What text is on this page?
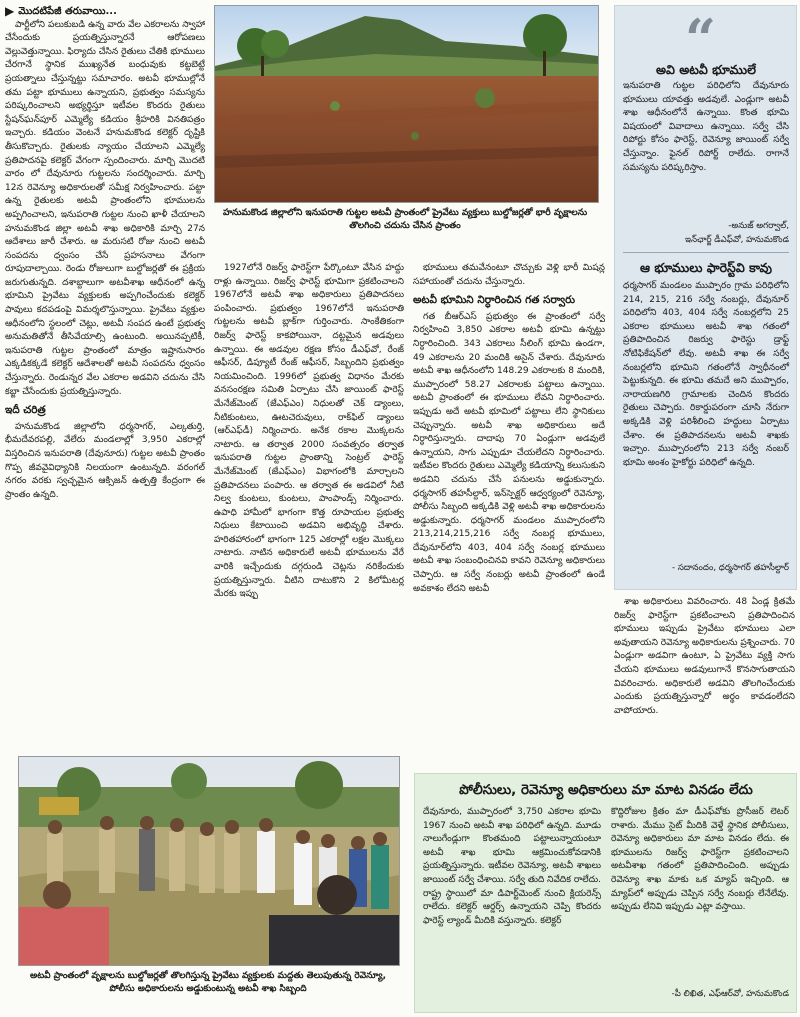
▶ మొదటిపేజీ తరువాయి...

పార్టీలోని పలుకుబడి ఉన్న వారు వేల ఎకరాలను స్వాహా చేసేందుకు ప్రయత్నిస్తున్నారనే ఆరోపణలు వెల్లువెత్తున్నాయి. ఫిర్యాదు చేసిన రైతులు చేతికి భూములు చేరగానే స్థానిక ముఖ్యనేత బంధువుకు కట్టబెట్టే ప్రయత్నాలు చేస్తున్నట్టు సమాచారం. అటవీ భూముల్లోనే తమ పట్టా భూములు ఉన్నాయని, ప్రభుత్వం సమస్యను పరిష్కరించాలని అభ్యర్థిస్తూ ఇటీవల కొందరు రైతులు స్టేషన్‌ఘన్‌పూర్ ఎమ్మెల్యే కడియం శ్రీహరికి వినతిపత్రం ఇచ్చారు. కడియం వెంటనే హనుమకొండ కలెక్టర్ దృష్టికి తీసుకొచ్చారు. రైతులకు న్యాయం చేయాలని ఎమ్మెల్యే ప్రతిపాదనపై కలెక్టర్ వేగంగా స్పందించారు. మార్చి మొదటి వారం లో దేవునూరు గుట్టలను సందర్శించారు. మార్చి 12న రెవెన్యూ అధికారులతో సమీక్ష నిర్వహించారు. పట్టా ఉన్న రైతులకు అటవీ ప్రాంతంలోని భూములను అప్పగించాలని, ఇనుపరాతి గుట్టల నుంచి ఖాళీ చేయాలని హనుమకొండ జిల్లా అటవీ శాఖ అధికారికి మార్చి 27న ఆదేశాలు జారీ చేశారు. ఆ మరుసటి రోజు నుంచి అటవీ సంపదను ధ్వంసం చేసే ప్రహసనాలు వేగంగా రూపుదాల్చాయి. రెండు రోజులుగా బుల్డోజర్లతో ఈ ప్రక్రియ జరుగుతున్నది. దశాబ్దాలుగా అటవీశాఖ ఆధీనంలో ఉన్న భూమిని ప్రైవేటు వ్యక్తులకు అప్పగించేందుకు కలెక్టర్ పావులు కదపడంపై విమర్శలొస్తున్నాయి. ప్రైవేటు వ్యక్తుల ఆధీనంలోని స్థలంలో చెట్లు, అటవీ సంపద ఉంటే ప్రభుత్వ అనుమతితోనే తీసివేయాల్సి ఉంటుంది. అయినప్పటికీ, ఇనుపరాతి గుట్టల ప్రాంతంలో మాత్రం ఇష్టానుసారం ఎక్కడికక్కడే కలెక్టర్ ఆదేశాలతో అటవీ సంపదను ధ్వంసం చేస్తున్నారు. రెండున్నర వేల ఎకరాల అడవిని చదును చేసి కబ్జా చేసేందుకు ప్రయత్నిస్తున్నారు.

ఇదీ చరిత్ర

హనుమకొండ జిల్లాలోని ధర్మసాగర్, ఎల్కతుర్తి, భీమదేవరపల్లి, వేలేరు మండలాల్లో 3,950 ఎకరాల్లో విస్తరించిన ఇనుపరాతి (దేవునూరు) గుట్టల అటవీ ప్రాంతం గొప్ప జీవవైవిధ్యానికి నిలయంగా ఉంటున్నది. వరంగల్ నగరం వరకు స్వచ్ఛమైన ఆక్సిజన్ ఉత్పత్తి కేంద్రంగా ఈ ప్రాంతం ఉన్నది.

హనుమకొండ జిల్లాలోని ఇనుపరాతి గుట్టల అటవీ ప్రాంతంలో ప్రైవేటు వ్యక్తులు బుల్డోజర్లతో భారీ వృక్షాలను తొలగించి చదును చేసిన ప్రాంతం

1927లోనే రిజర్వ్ ఫారెస్ట్‌గా పేర్కొంటూ వేసిన హద్దు రాళ్లు ఉన్నాయి. రిజర్వ్ ఫారెస్ట్ భూమిగా ప్రకటించాలని 1967లోనే అటవీ శాఖ అధికారులు ప్రతిపాదనలు పంపించారు. ప్రభుత్వం 1967లోనే ఇనుపరాతి గుట్టలను అటవీ బ్లాక్‌గా గుర్తించారు. సాంకేతికంగా రిజర్వ్ ఫారెస్ట్ కాకపోయినా, దట్టమైన అడవులు ఉన్నాయి. ఈ అడవుల రక్షణ కోసం డీఎఫ్‌వో, రేంజ్ ఆఫీసర్, డిప్యూటీ రేంజ్ ఆఫీసర్, సిబ్బందిని ప్రభుత్వం నియమించింది. 1996లో ప్రభుత్వ విధానం మేరకు వనసంరక్షణ సమితి ఏర్పాటు చేసి జాయింట్ ఫారెస్ట్ మేనేజ్‌మెంట్ (జేఎఫ్ఎం) నిధులతో చెక్ డ్యాంలు, నీటికుంటలు, ఊటచెరువులు, రాక్‌ఫిల్ డ్యాంలు (ఆర్ఎఫ్‌డీ) నిర్మించారు. అనేక రకాల మొక్కలను నాటారు. ఆ తర్వాత 2000 సంవత్సరం తర్వాత ఇనుపరాతి గుట్టల ప్రాంతాన్ని సెంట్రల్ ఫారెస్ట్ మేనేజ్‌మెంట్ (జేఎఫ్ఎం) విభాగంలోకి మార్చాలని ప్రతిపాదనలు పంపారు. ఆ తర్వాత ఈ అడవిలో నీటి నిల్వ కుంటలు, కుంటలు, పాంపాండ్స్ నిర్మించారు. ఉపాధి హామీలో భాగంగా కొత్త రూపాయల ప్రభుత్వ నిధులు కేటాయించి అడవిని అభివృద్ధి చేశారు. హరితహారంలో భాగంగా 125 ఎకరాల్లో లక్షల మొక్కలు నాటారు. నాటిన అధికారులే అటవీ భూములను వేరే వారికి ఇచ్చేందుకు దగ్గరుండి చెట్లను నరికేందుకు ప్రయత్నిస్తున్నారు. వీటిని దాటుకొని 2 కిలోమీటర్ల మేరకు ఇప్పు

భూములు తమవేనంటూ చొచ్చుకు వెళ్లి భారీ మిషన్ల సహాయంతో చదును చేస్తున్నారు.

అటవీ భూమిని నిర్ధారించిన గత సర్వారు

గత బీఆర్ఎస్ ప్రభుత్వం ఈ ప్రాంతంలో సర్వే నిర్వహించి 3,850 ఎకరాల అటవీ భూమి ఉన్నట్టు నిర్ధారించింది. 343 ఎకరాలు సీలింగ్ భూమి ఉండగా, 49 ఎకరాలను 20 మందికి అసైన్ చేశారు. దేవునూరు అటవీ శాఖ ఆధీనంలోని 148.29 ఎకరాలకు 8 మందికి, ముప్పారంలో 58.27 ఎకరాలకు పట్టాలు ఉన్నాయి. అటవీ ప్రాంతంలో ఈ భూములు లేవని నిర్ధారించారు. ఇప్పుడు అదే అటవీ భూమిలో పట్టాలు లేని స్థానికులు చెప్పున్నారు. అటవీ శాఖ అధికారులు అదే నిర్ధారిస్తున్నారు. దాదాపు 70 ఏండ్లుగా అడవులే ఉన్నాయని, సాగు ఎప్పుడూ చేయలేదని నిర్ధారించారు. ఇటీవల కొందరు రైతులు ఎమ్మెల్యే కడియాన్ని కలుసుకుని అడవిని చదును చేసే పనులను అడ్డుకున్నారు. ధర్మసాగర్ తహసీల్దార్, ఇన్‌స్పెక్టర్ ఆధ్వర్యంలో రెవెన్యూ, పోలీసు సిబ్బంది అక్కడికి వెళ్లి అటవీ శాఖ అధికారులను అడ్డుకున్నారు. ధర్మసాగర్ మండలం ముప్పారంలోని 213,214,215,216 సర్వే నంబర్ల భూములు, దేవునూర్‌లోని 403, 404 సర్వే నంబర్ల భూములు అటవీ శాఖ సంబంధించినవి కావని రెవెన్యూ అధికారులు చెప్పారు. ఆ సర్వే నంబర్లు అటవీ ప్రాంతంలో ఉండే అవకాశం లేదని అటవీ

“
అవి అటవీ భూములే
ఇనుపరాతి గుట్టల పరిధిలోని దేవునూరు భూములు యావత్తు అడవులే. ఎండ్లుగా అటవీ శాఖ ఆధీనంలోనే ఉన్నాయి. కొంత భూమి విషయంలో వివాదాలు ఉన్నాయి. సర్వే చేసి రిపోర్టు కోసం ఫారెస్ట్, రెవెన్యూ జాయింట్ సర్వే చేస్తున్నాం. ఫైనల్ రిపోర్ట్ రాలేదు. రాగానే సమస్యను పరిష్కరిస్తాం.
-అనుజ్ అగర్వాల్,
ఇన్‌ఛార్జ్ డీఎఫ్‌వో, హనుమకొండ
ఆ భూములు ఫారెస్ట్‌వి కావు
ధర్మసాగర్ మండలం ముప్పారం గ్రామ పరిధిలోని 214, 215, 216 సర్వే నంబర్లు, దేవునూర్ పరిధిలోని 403, 404 సర్వే నంబర్లలోని 25 ఎకరాల భూములు అటవీ శాఖ గతంలో ప్రతిపాదించిన రిజర్వు ఫారెస్టు డ్రాఫ్ట్ నోటిఫికేషన్‌లో లేవు. అటవీ శాఖ ఈ సర్వే నంబర్లలోని భూమిని గతంలోనే స్వాధీనంలో పెట్టుకున్నది. ఈ భూమి తమదే అని ముప్పారం, నారాయణగిరి గ్రామాలకు చెందిన కొందరు రైతులు చెప్పారు. రికార్డుపరంగా చూసి నేరుగా అక్కడికి వెళ్లి పరిశీలించి హద్దులు ఏర్పాటు చేశాం. ఈ ప్రతిపాదనలను అటవీ శాఖకు ఇచ్చాం. ముప్పారంలోని 213 సర్వే నంబర్ భూమి అంశం హైకోర్టు పరిధిలో ఉన్నది.
- సదానందం, ధర్మసాగర్ తహసీల్దార్

శాఖ అధికారులు వివరించారు. 48 ఏండ్ల క్రితమే రిజర్వ్ ఫారెస్ట్‌గా ప్రకటించాలని ప్రతిపాదించిన భూములు ఇప్పుడు ప్రైవేటు భూములు ఎలా అవుతాయని రెవెన్యూ అధికారులను ప్రశ్నించారు. 70 ఏండ్లుగా అడవిగా ఉంటూ, ఏ ప్రైవేటు వ్యక్తి సాగు చేయని భూములు అడవులుగానే కొనసాగుతాయని వివరించారు. అధికారులే అడవిని తొలగించేందుకు ఎందుకు ప్రయత్నిస్తున్నారో అర్థం కావడంలేదని వాపోయారు.

అటవీ ప్రాంతంలో వృక్షాలను బుల్డోజర్లతో తొలగిస్తున్న ప్రైవేటు వ్యక్తులకు మద్దతు తెలుపుతున్న రెవెన్యూ, పోలీసు అధికారులను అడ్డుకుంటున్న అటవీ శాఖ సిబ్బంది
పోలీసులు, రెవెన్యూ అధికారులు మా మాట వినడం లేదు
దేవునూరు, ముప్పారంలో 3,750 ఎకరాల భూమి 1967 నుంచి అటవీ శాఖ పరిధిలో ఉన్నది. మూడు నాలుగేండ్లుగా కొంతమంది పట్టాలున్నాయంటూ అటవీ శాఖ భూమి ఆక్రమించుకోవడానికి ప్రయత్నిస్తున్నారు. ఇటీవల రెవెన్యూ, అటవీ శాఖలు జాయింట్ సర్వే చేశాయి. సర్వే తుది నివేదిక రాలేదు. రాష్ట్ర స్థాయిలో మా డిపార్ట్‌మెంట్ నుంచి క్లియరెన్స్ రాలేదు. కలెక్టర్ ఆర్డర్స్ ఉన్నాయని చెప్పి కొందరు ఫారెస్ట్ ల్యాండ్ మీదికి వస్తున్నారు. కలెక్టర్
కొద్దిరోజుల క్రితం మా డీఎఫ్‌వోకు ప్రొసీజర్ లెటర్ రాశారు. మేము సైట్ మీదికి వెళ్తే స్థానిక పోలీసులు, రెవెన్యూ అధికారులు మా మాట వినడం లేదు. ఈ భూములను రిజర్వ్ ఫారెస్ట్‌గా ప్రకటించాలని అటవీశాఖ గతంలో ప్రతిపాదించింది. అప్పుడు రెవెన్యూ శాఖ మాకు ఒక మ్యాప్ ఇచ్చింది. ఆ మ్యాప్‌లో అప్పుడు చెప్పిన సర్వే నంబర్లు లేనేలేవు. అప్పుడు లేనివి ఇప్పుడు ఎట్లా వస్తాయి.
-పీ లిఖిత, ఎఫ్ఆర్‌వో, హనుమకొండ
